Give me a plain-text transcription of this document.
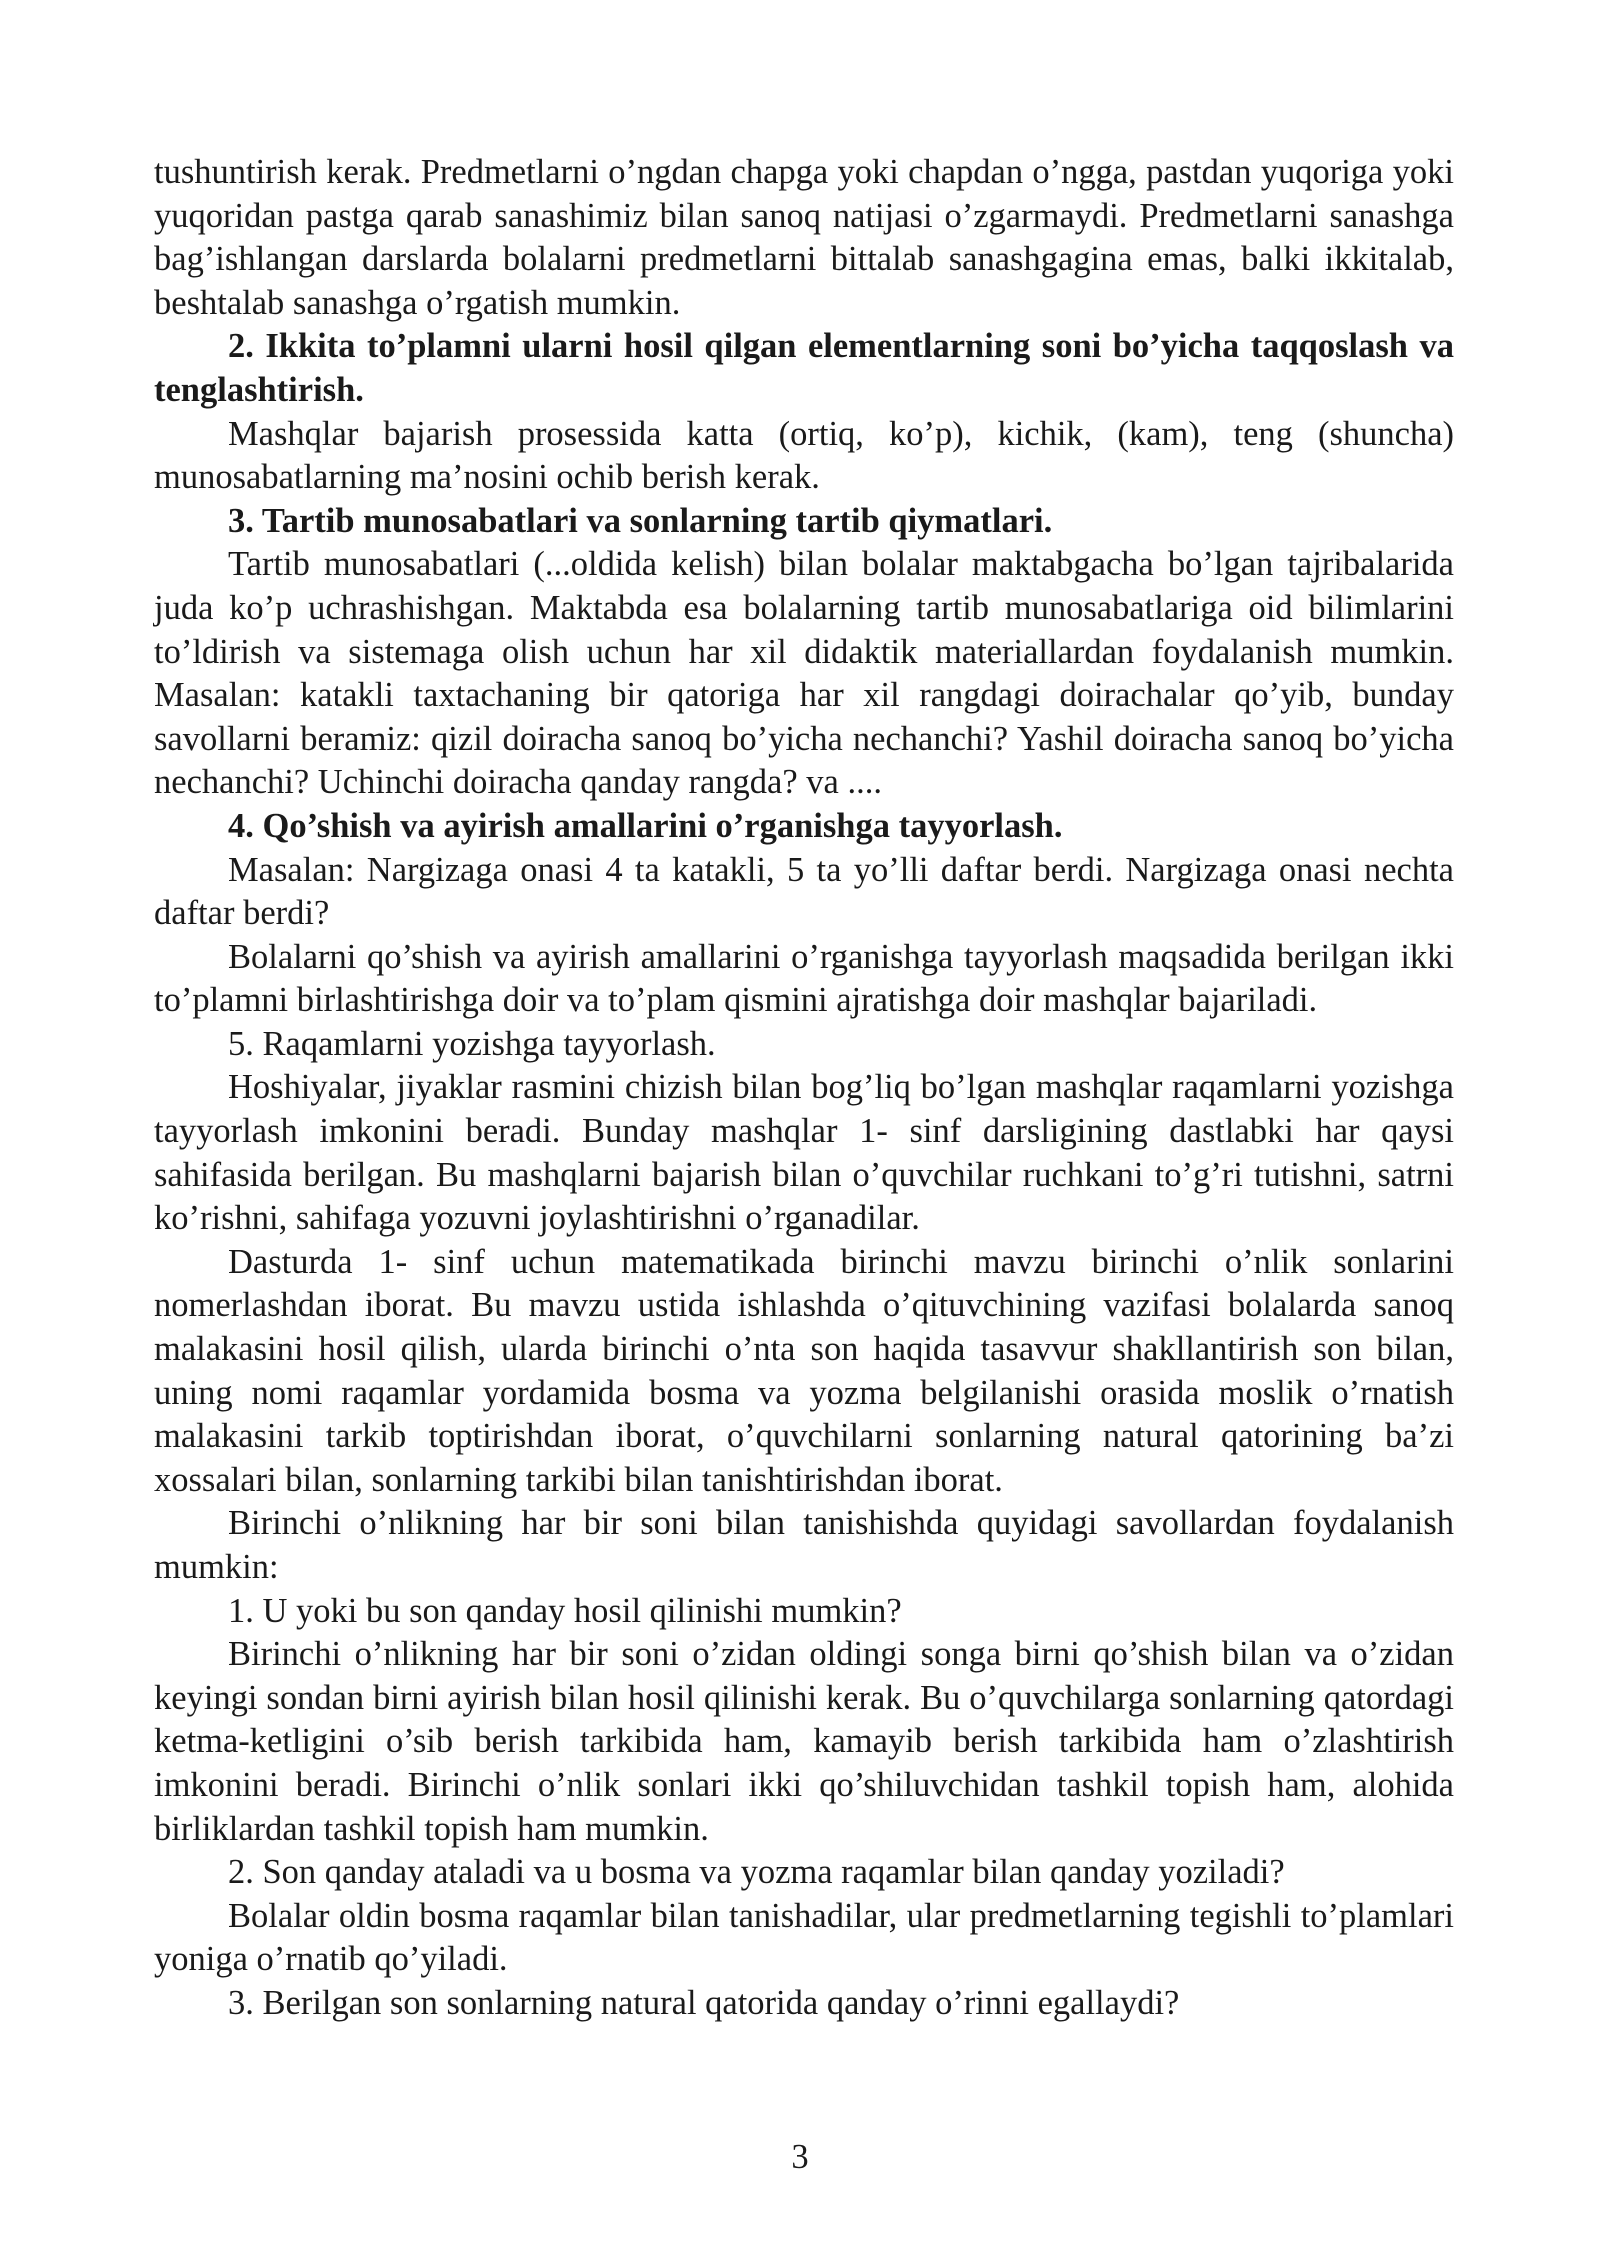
tushuntirish kerak. Predmetlarni o’ngdan chapga yoki chapdan o’ngga, pastdan yuqoriga yoki yuqoridan pastga qarab sanashimiz bilan sanoq natijasi o’zgarmaydi. Predmetlarni sanashga bag’ishlangan darslarda bolalarni predmetlarni bittalab sanashgagina emas, balki ikkitalab, beshtalab sanashga o’rgatish mumkin.

2. Ikkita to’plamni ularni hosil qilgan elementlarning soni bo’yicha taqqoslash va tenglashtirish.

Mashqlar bajarish prosessida katta (ortiq, ko’p), kichik, (kam), teng (shuncha) munosabatlarning ma’nosini ochib berish kerak.

3. Tartib munosabatlari va sonlarning tartib qiymatlari.

Tartib munosabatlari (...oldida kelish) bilan bolalar maktabgacha bo’lgan tajribalarida juda ko’p uchrashishgan. Maktabda esa bolalarning tartib munosabatlariga oid bilimlarini to’ldirish va sistemaga olish uchun har xil didaktik materiallardan foydalanish mumkin. Masalan: katakli taxtachaning bir qatoriga har xil rangdagi doirachalar qo’yib, bunday savollarni beramiz: qizil doiracha sanoq bo’yicha nechanchi? Yashil doiracha sanoq bo’yicha nechanchi? Uchinchi doiracha qanday rangda? va ....

4. Qo’shish va ayirish amallarini o’rganishga tayyorlash.

Masalan: Nargizaga onasi 4 ta katakli, 5 ta yo’lli daftar berdi. Nargizaga onasi nechta daftar berdi?

Bolalarni qo’shish va ayirish amallarini o’rganishga tayyorlash maqsadida berilgan ikki to’plamni birlashtirishga doir va to’plam qismini ajratishga doir mashqlar bajariladi.

5. Raqamlarni yozishga tayyorlash.

Hoshiyalar, jiyaklar rasmini chizish bilan bog’liq bo’lgan mashqlar raqamlarni yozishga tayyorlash imkonini beradi. Bunday mashqlar 1- sinf darsligining dastlabki har qaysi sahifasida berilgan. Bu mashqlarni bajarish bilan o’quvchilar ruchkani to’g’ri tutishni, satrni ko’rishni, sahifaga yozuvni joylashtirishni o’rganadilar.

Dasturda 1- sinf uchun matematikada birinchi mavzu birinchi o’nlik sonlarini nomerlashdan iborat. Bu mavzu ustida ishlashda o’qituvchining vazifasi bolalarda sanoq malakasini hosil qilish, ularda birinchi o’nta son haqida tasavvur shakllantirish son bilan, uning nomi raqamlar yordamida bosma va yozma belgilanishi orasida moslik o’rnatish malakasini tarkib toptirishdan iborat, o’quvchilarni sonlarning natural qatorining ba’zi xossalari bilan, sonlarning tarkibi bilan tanishtirishdan iborat.

Birinchi o’nlikning har bir soni bilan tanishishda quyidagi savollardan foydalanish mumkin:

1. U yoki bu son qanday hosil qilinishi mumkin?

Birinchi o’nlikning har bir soni o’zidan oldingi songa birni qo’shish bilan va o’zidan keyingi sondan birni ayirish bilan hosil qilinishi kerak. Bu o’quvchilarga sonlarning qatordagi ketma-ketligini o’sib berish tarkibida ham, kamayib berish tarkibida ham o’zlashtirish imkonini beradi. Birinchi o’nlik sonlari ikki qo’shiluvchidan tashkil topish ham, alohida birliklardan tashkil topish ham mumkin.

2. Son qanday ataladi va u bosma va yozma raqamlar bilan qanday yoziladi?

Bolalar oldin bosma raqamlar bilan tanishadilar, ular predmetlarning tegishli to’plamlari yoniga o’rnatib qo’yiladi.

3. Berilgan son sonlarning natural qatorida qanday o’rinni egallaydi?

3
